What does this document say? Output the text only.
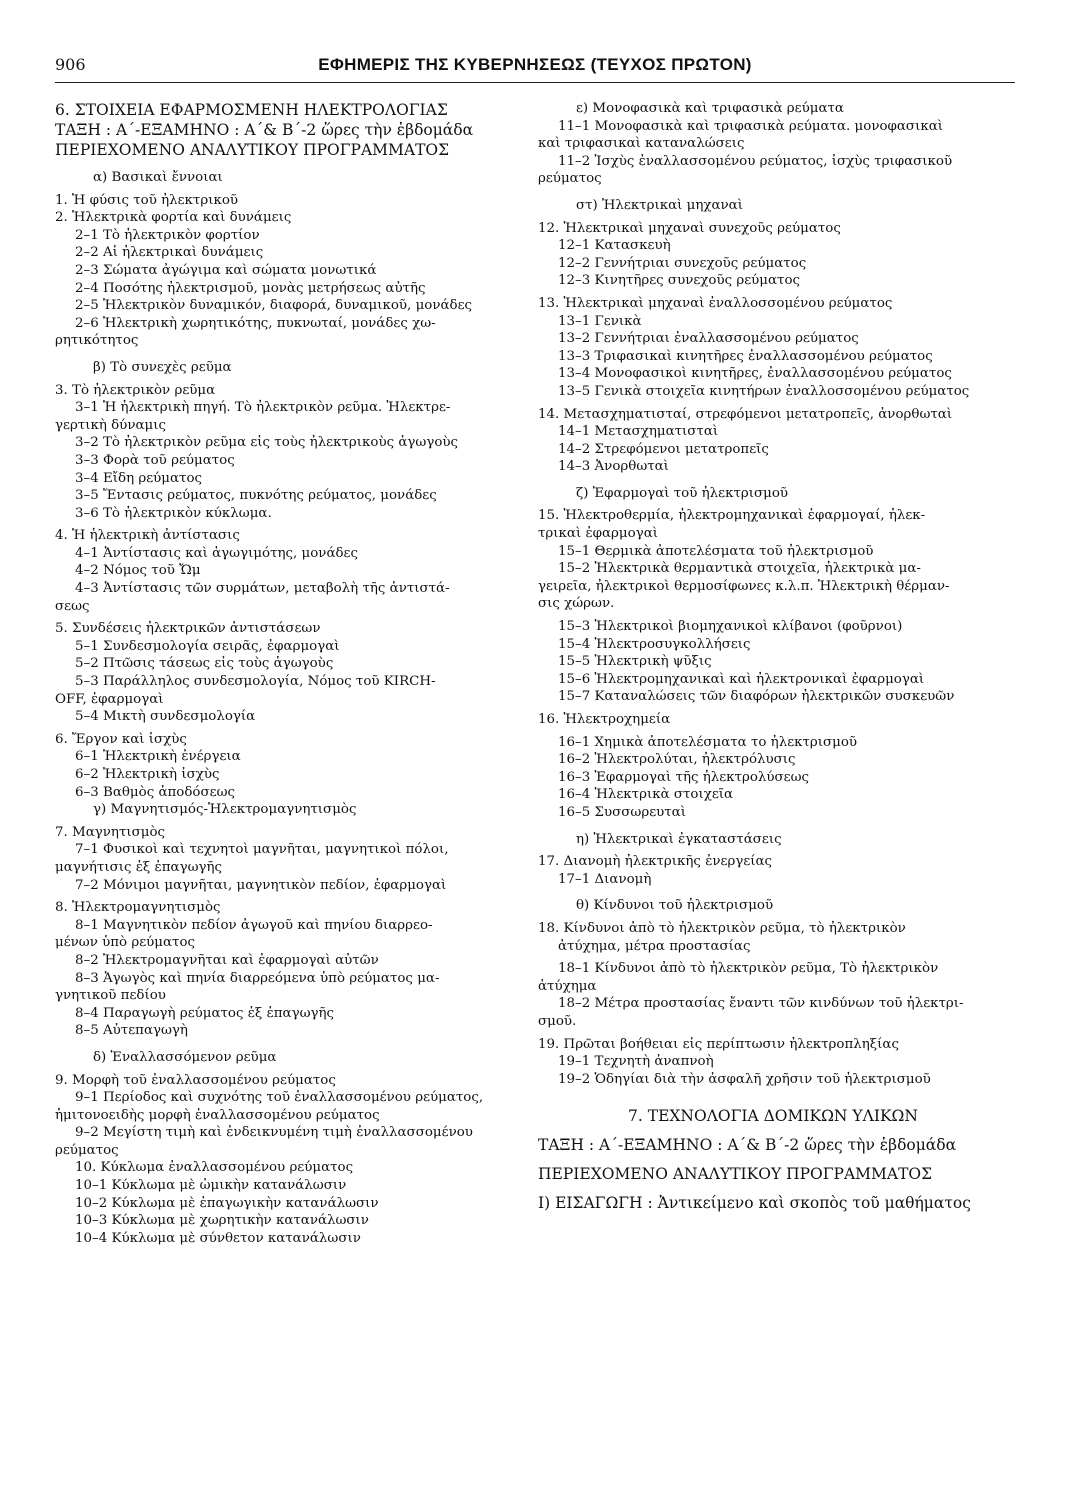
906	ΕΦΗΜΕΡΙΣ ΤΗΣ ΚΥΒΕΡΝΗΣΕΩΣ (ΤΕΥΧΟΣ ΠΡΩΤΟΝ)
6. ΣΤΟΙΧΕΙΑ ΕΦΑΡΜΟΣΜΕΝΗ ΗΛΕΚΤΡΟΛΟΓΙΑΣ
ΤΑΞΗ : Α΄-ΕΞΑΜΗΝΟ : Α΄& Β΄-2 ὥρες τὴν ἑβδομάδα
ΠΕΡΙΕΧΟΜΕΝΟ ΑΝΑΛΥΤΙΚΟΥ ΠΡΟΓΡΑΜΜΑΤΟΣ
α) Βασικαὶ ἔννοιαι
1. Ἡ φύσις τοῦ ἠλεκτρικοῦ
2. Ἠλεκτρικὰ φορτία καὶ δυνάμεις
2–1 Τὸ ἠλεκτρικὸν φορτίον
2–2 Αἱ ἠλεκτρικαὶ δυνάμεις
2–3 Σώματα ἀγώγιμα καὶ σώματα μονωτικά
2–4 Ποσότης ἠλεκτρισμοῦ, μονὰς μετρήσεως αὐτῆς
2–5 Ἠλεκτρικὸν δυναμικόν, διαφορά, δυναμικοῦ, μονάδες
2–6 Ἠλεκτρικὴ χωρητικότης, πυκνωταί, μονάδες χω-
ρητικότητος
β) Τὸ συνεχὲς ρεῦμα
3. Τὸ ἠλεκτρικὸν ρεῦμα
3–1 Ἡ ἠλεκτρικὴ πηγή. Τὸ ἠλεκτρικὸν ρεῦμα. Ἠλεκτρε-
γερτικὴ δύναμις
3–2 Τὸ ἠλεκτρικὸν ρεῦμα εἰς τοὺς ἠλεκτρικοὺς ἀγωγοὺς
3–3 Φορὰ τοῦ ρεύματος
3–4 Εἴδη ρεύματος
3–5 Ἔντασις ρεύματος, πυκνότης ρεύματος, μονάδες
3–6 Τὸ ἠλεκτρικὸν κύκλωμα.
4. Ἡ ἠλεκτρικὴ ἀντίστασις
4–1 Ἀντίστασις καὶ ἀγωγιμότης, μονάδες
4–2 Νόμος τοῦ Ὤμ
4–3 Ἀντίστασις τῶν συρμάτων, μεταβολὴ τῆς ἀντιστά-
σεως
5. Συνδέσεις ἠλεκτρικῶν ἀντιστάσεων
5–1 Συνδεσμολογία σειρᾶς, ἐφαρμογαὶ
5–2 Πτῶσις τάσεως εἰς τοὺς ἀγωγοὺς
5–3 Παράλληλος συνδεσμολογία, Νόμος τοῦ KIRCH-
OFF, ἐφαρμογαὶ
5–4 Μικτὴ συνδεσμολογία
6. Ἔργον καὶ ἰσχὺς
6–1 Ἠλεκτρικὴ ἐνέργεια
6–2 Ἠλεκτρικὴ ἰσχὺς
6–3 Βαθμὸς ἀποδόσεως
γ) Μαγνητισμός-Ἠλεκτρομαγνητισμὸς
7. Μαγνητισμὸς
7–1 Φυσικοὶ καὶ τεχνητοὶ μαγνῆται, μαγνητικοὶ πόλοι,
μαγνήτισις ἐξ ἐπαγωγῆς
7–2 Μόνιμοι μαγνῆται, μαγνητικὸν πεδίον, ἐφαρμογαὶ
8. Ἠλεκτρομαγνητισμὸς
8–1 Μαγνητικὸν πεδίον ἀγωγοῦ καὶ πηνίου διαρρεο-
μένων ὑπὸ ρεύματος
8–2 Ἠλεκτρομαγνῆται καὶ ἐφαρμογαὶ αὐτῶν
8–3 Ἀγωγὸς καὶ πηνία διαρρεόμενα ὑπὸ ρεύματος μα-
γνητικοῦ πεδίου
8–4 Παραγωγὴ ρεύματος ἐξ ἐπαγωγῆς
8–5 Αὐτεπαγωγὴ
δ) Ἐναλλασσόμενον ρεῦμα
9. Μορφὴ τοῦ ἐναλλασσομένου ρεύματος
9–1 Περίοδος καὶ συχνότης τοῦ ἐναλλασσομένου ρεύματος,
ἡμιτονοειδὴς μορφὴ ἐναλλασσομένου ρεύματος
9–2 Μεγίστη τιμὴ καὶ ἐνδεικνυμένη τιμὴ ἐναλλασσομένου
ρεύματος
10. Κύκλωμα ἐναλλασσομένου ρεύματος
10–1 Κύκλωμα μὲ ὠμικὴν κατανάλωσιν
10–2 Κύκλωμα μὲ ἐπαγωγικὴν κατανάλωσιν
10–3 Κύκλωμα μὲ χωρητικὴν κατανάλωσιν
10–4 Κύκλωμα μὲ σύνθετον κατανάλωσιν
ε) Μονοφασικὰ καὶ τριφασικὰ ρεύματα
11–1 Μονοφασικὰ καὶ τριφασικὰ ρεύματα. μονοφασικαὶ
καὶ τριφασικαὶ καταναλώσεις
11–2 Ἰσχὺς ἐναλλασσομένου ρεύματος, ἰσχὺς τριφασικοῦ
ρεύματος
στ) Ἠλεκτρικαὶ μηχαναὶ
12. Ἠλεκτρικαὶ μηχαναὶ συνεχοῦς ρεύματος
12–1 Κατασκευὴ
12–2 Γεννήτριαι συνεχοῦς ρεύματος
12–3 Κινητῆρες συνεχοῦς ρεύματος
13. Ἠλεκτρικαὶ μηχαναὶ ἐναλλοσσομένου ρεύματος
13–1 Γενικὰ
13–2 Γεννήτριαι ἐναλλασσομένου ρεύματος
13–3 Τριφασικαὶ κινητῆρες ἐναλλασσομένου ρεύματος
13–4 Μονοφασικοὶ κινητῆρες, ἐναλλασσομένου ρεύματος
13–5 Γενικὰ στοιχεῖα κινητήρων ἐναλλοσσομένου ρεύματος
14. Μετασχηματισταί, στρεφόμενοι μετατροπεῖς, ἀνορθωταὶ
14–1 Μετασχηματισταὶ
14–2 Στρεφόμενοι μετατροπεῖς
14–3 Ἀνορθωταὶ
ζ) Ἐφαρμογαὶ τοῦ ἠλεκτρισμοῦ
15. Ἠλεκτροθερμία, ἠλεκτρομηχανικαὶ ἐφαρμογαί, ἠλεκ-
τρικαὶ ἐφαρμογαὶ
15–1 Θερμικὰ ἀποτελέσματα τοῦ ἠλεκτρισμοῦ
15–2 Ἠλεκτρικὰ θερμαντικὰ στοιχεῖα, ἠλεκτρικὰ μα-
γειρεῖα, ἠλεκτρικοὶ θερμοσίφωνες κ.λ.π. Ἠλεκτρικὴ θέρμαν-
σις χώρων.
15–3 Ἠλεκτρικοὶ βιομηχανικοὶ κλίβανοι (φοῦρνοι)
15–4 Ἠλεκτροσυγκολλήσεις
15–5 Ἠλεκτρικὴ ψῦξις
15–6 Ἠλεκτρομηχανικαὶ καὶ ἠλεκτρονικαὶ ἐφαρμογαὶ
15–7 Καταναλώσεις τῶν διαφόρων ἠλεκτρικῶν συσκευῶν
16. Ἠλεκτροχημεία
16–1 Χημικὰ ἀποτελέσματα το ἠλεκτρισμοῦ
16–2 Ἠλεκτρολύται, ἠλεκτρόλυσις
16–3 Ἐφαρμογαὶ τῆς ἠλεκτρολύσεως
16–4 Ἠλεκτρικὰ στοιχεῖα
16–5 Συσσωρευταὶ
η) Ἠλεκτρικαὶ ἐγκαταστάσεις
17. Διανομὴ ἠλεκτρικῆς ἐνεργείας
17–1 Διανομὴ
θ) Κίνδυνοι τοῦ ἠλεκτρισμοῦ
18. Κίνδυνοι ἀπὸ τὸ ἠλεκτρικὸν ρεῦμα, τὸ ἠλεκτρικὸν
ἀτύχημα, μέτρα προστασίας
18–1 Κίνδυνοι ἀπὸ τὸ ἠλεκτρικὸν ρεῦμα, Τὸ ἠλεκτρικὸν
ἀτύχημα
18–2 Μέτρα προστασίας ἔναντι τῶν κινδύνων τοῦ ἠλεκτρι-
σμοῦ.
19. Πρῶται βοήθειαι εἰς περίπτωσιν ἠλεκτροπληξίας
19–1 Τεχνητὴ ἀναπνοὴ
19–2 Ὁδηγίαι διὰ τὴν ἀσφαλῆ χρῆσιν τοῦ ἠλεκτρισμοῦ
7. ΤΕΧΝΟΛΟΓΙΑ ΔΟΜΙΚΩΝ ΥΛΙΚΩΝ
ΤΑΞΗ : Α΄-ΕΞΑΜΗΝΟ : Α΄& Β΄-2 ὥρες τὴν ἑβδομάδα
ΠΕΡΙΕΧΟΜΕΝΟ ΑΝΑΛΥΤΙΚΟΥ ΠΡΟΓΡΑΜΜΑΤΟΣ
Ι) ΕΙΣΑΓΩΓΗ : Ἀντικείμενο καὶ σκοπὸς τοῦ μαθήματος
